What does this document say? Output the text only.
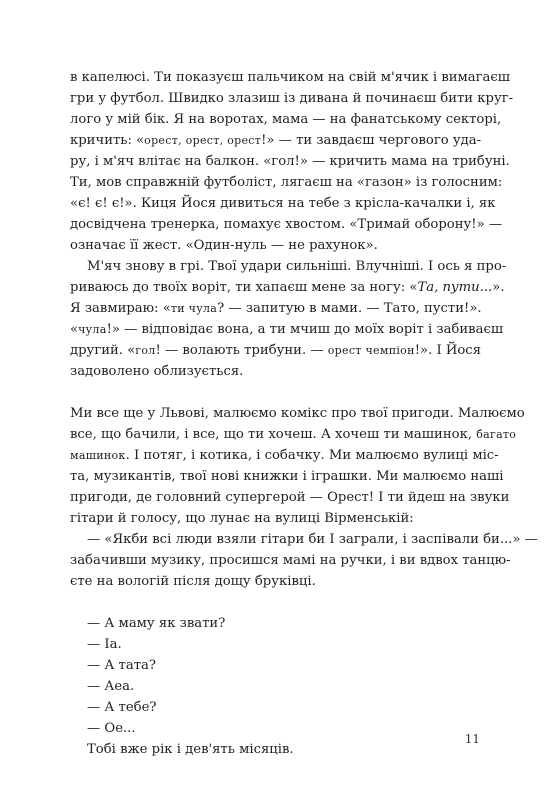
в капелюсі. Ти показуєш пальчиком на свій м'ячик і вимагаєш
гри у футбол. Швидко злазиш із дивана й починаєш бити круг-
лого у мій бік. Я на воротах, мама — на фанатському секторі,
кричить: «орест, орест, орест!» — ти завдаєш чергового уда-
ру, і м'яч влітає на балкон. «гол!» — кричить мама на трибуні.
Ти, мов справжній футболіст, лягаєш на «газон» із голосним:
«є! є! є!». Киця Йося дивиться на тебе з крісла-качалки і, як
досвідчена тренерка, помахує хвостом. «Тримай оборону!» —
означає її жест. «Один-нуль — не рахунок».
М'яч знову в грі. Твої удари сильніші. Влучніші. І ось я про-
риваюсь до твоїх воріт, ти хапаєш мене за ногу: «Та, пути...».
Я завмираю: «ти чула? — запитую в мами. — Тато, пусти!».
«чула!» — відповідає вона, а ти мчиш до моїх воріт і забиваєш
другий. «гол! — волають трибуни. — орест чемпіон!». І Йося
задоволено облизується.
Ми все ще у Львові, малюємо комікс про твої пригоди. Малюємо
все, що бачили, і все, що ти хочеш. А хочеш ти машинок, багато
машинок. І потяг, і котика, і собачку. Ми малюємо вулиці міс-
та, музикантів, твої нові книжки і іграшки. Ми малюємо наші
пригоди, де головний супергерой — Орест! І ти йдеш на звуки
гітари й голосу, що лунає на вулиці Вірменській:
— «Якби всі люди взяли гітари би І заграли, і заспівали би...» —
забачивши музику, просишся мамі на ручки, і ви вдвох танцю-
єте на вологій після дощу бруківці.
— А маму як звати?
— Іа.
— А тата?
— Аеа.
— А тебе?
— Ое...
Тобі вже рік і дев'ять місяців.
11
